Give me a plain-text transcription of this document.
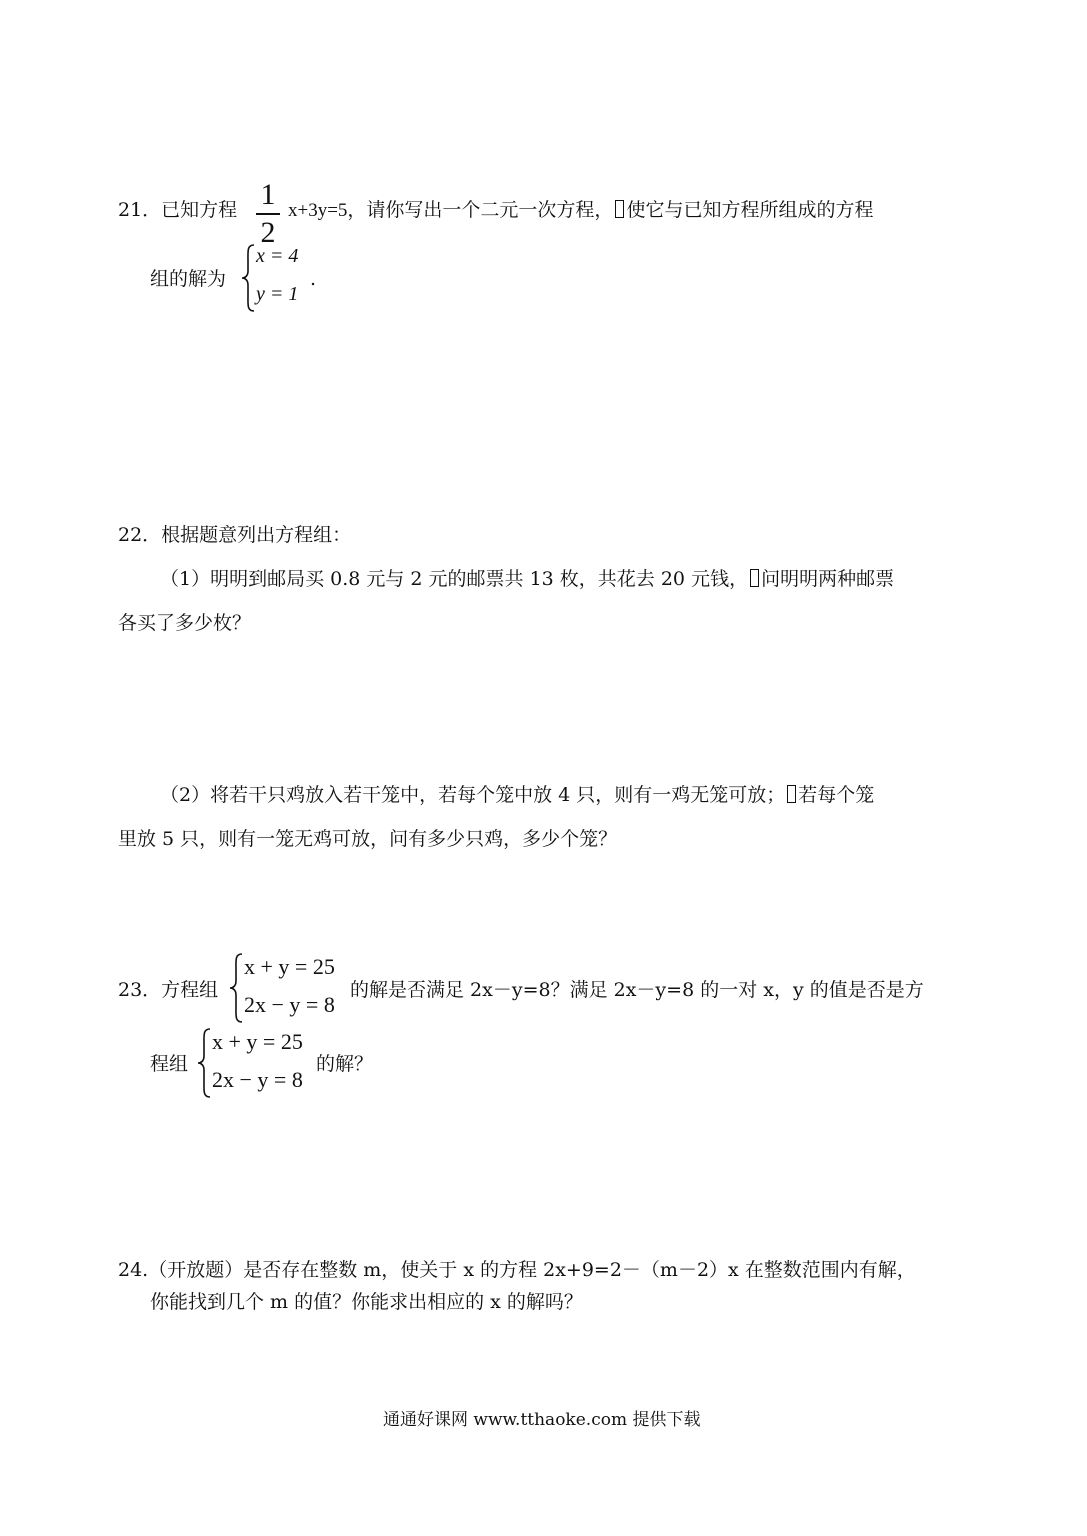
21．已知方程 1
2
x+3y=5，请你写出一个二元一次方程， 使它与已知方程所组成的方程
组的解为
x = 4
y = 1
.
22．根据题意列出方程组：
（1）明明到邮局买 0.8 元与 2 元的邮票共 13 枚，共花去 20 元钱， 问明明两种邮票
各买了多少枚？
（2）将若干只鸡放入若干笼中，若每个笼中放 4 只，则有一鸡无笼可放； 若每个笼
里放 5 只，则有一笼无鸡可放，问有多少只鸡，多少个笼？
23．方程组
x + y = 25
2x − y = 8
的解是否满足 2x－y=8？满足 2x－y=8 的一对 x，y 的值是否是方
程组
x + y = 25
2x − y = 8
的解？
24.（开放题）是否存在整数 m，使关于 x 的方程 2x+9=2－（m－2）x 在整数范围内有解，
你能找到几个 m 的值？你能求出相应的 x 的解吗？
通通好课网 www.tthaoke.com 提供下载
